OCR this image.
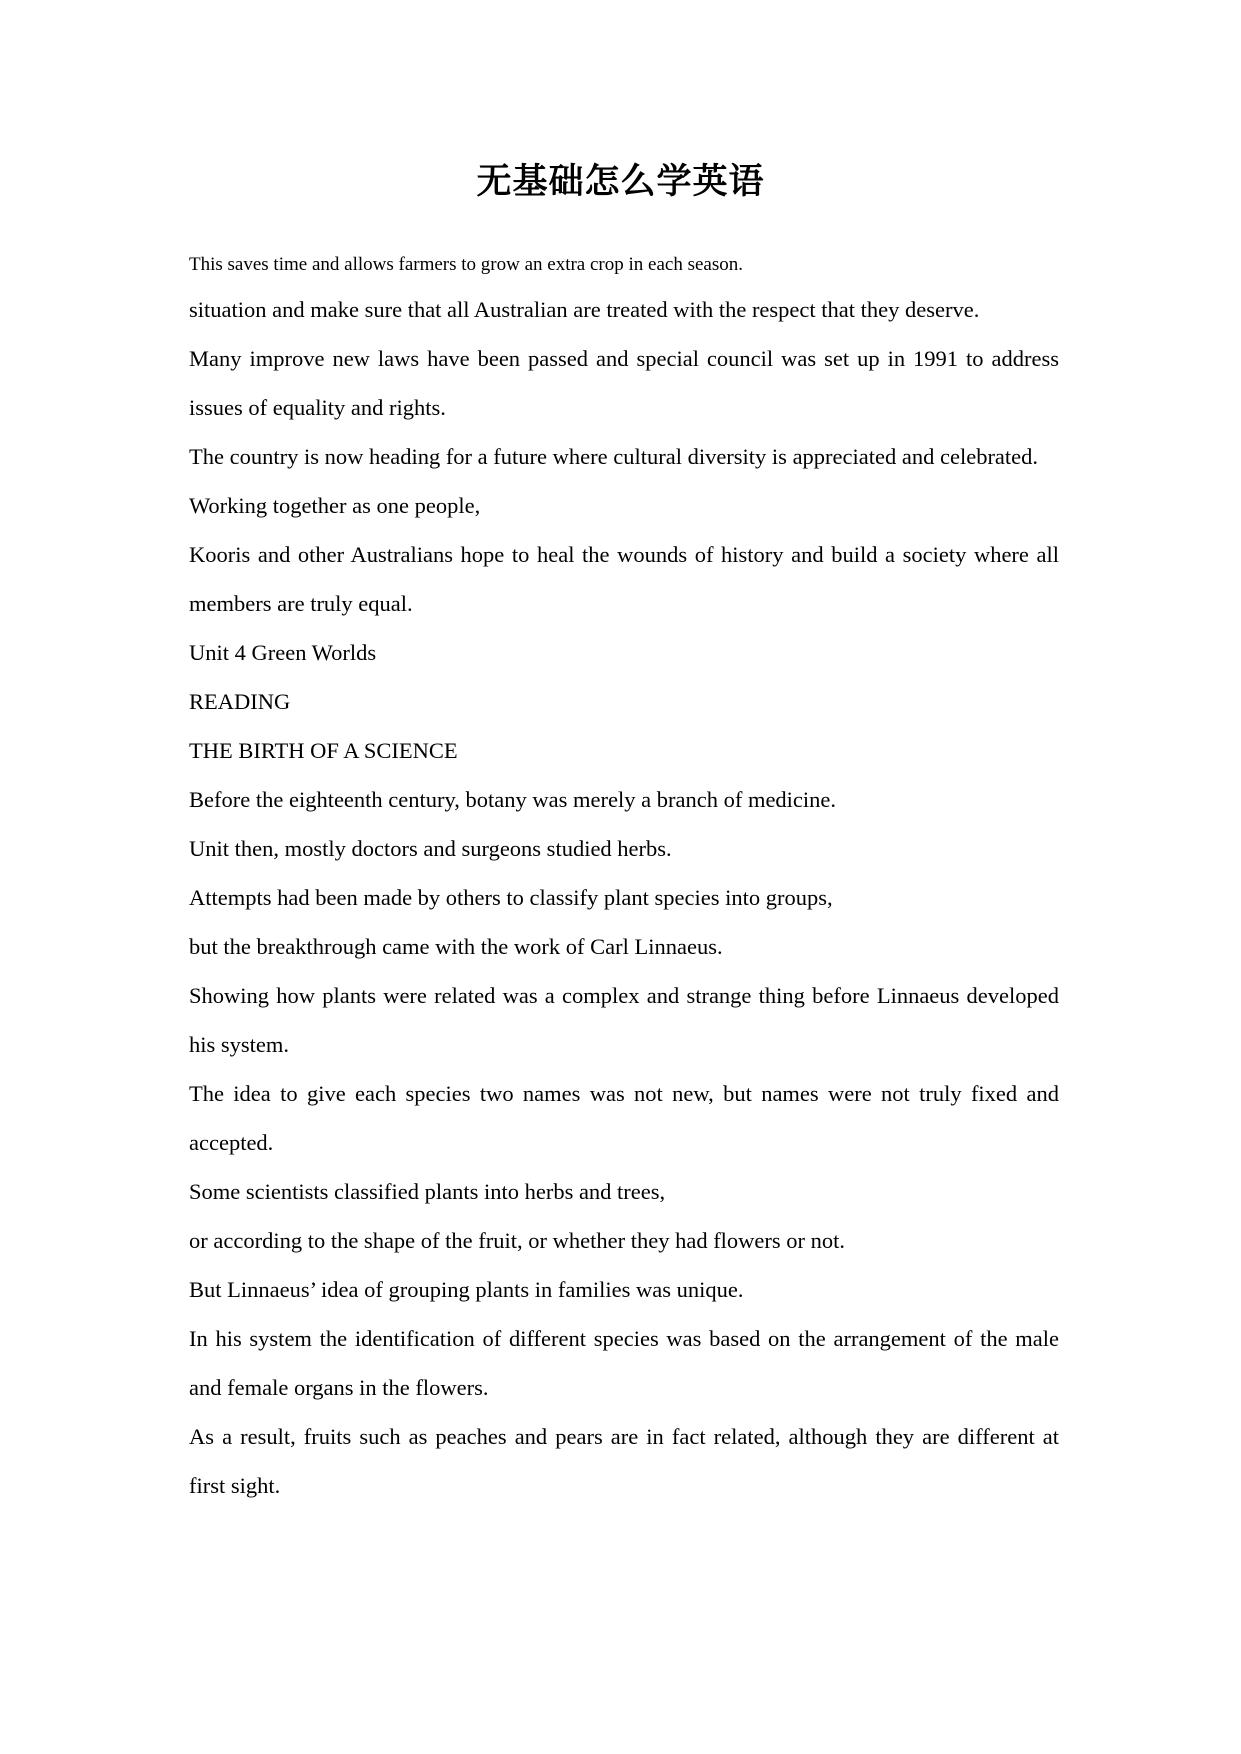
无基础怎么学英语
This saves time and allows farmers to grow an extra crop in each season.

situation and make sure that all Australian are treated with the respect that they deserve.

Many improve new laws have been passed and special council was set up in 1991 to address issues of equality and rights.

The country is now heading for a future where cultural diversity is appreciated and celebrated.

Working together as one people,

Kooris and other Australians hope to heal the wounds of history and build a society where all members are truly equal.

Unit 4 Green Worlds

READING

THE BIRTH OF A SCIENCE

Before the eighteenth century, botany was merely a branch of medicine.

Unit then, mostly doctors and surgeons studied herbs.

Attempts had been made by others to classify plant species into groups,

but the breakthrough came with the work of Carl Linnaeus.

Showing how plants were related was a complex and strange thing before Linnaeus developed his system.

The idea to give each species two names was not new, but names were not truly fixed and accepted.

Some scientists classified plants into herbs and trees,

or according to the shape of the fruit, or whether they had flowers or not.

But Linnaeus’ idea of grouping plants in families was unique.

In his system the identification of different species was based on the arrangement of the male and female organs in the flowers.

As a result, fruits such as peaches and pears are in fact related, although they are different at first sight.
